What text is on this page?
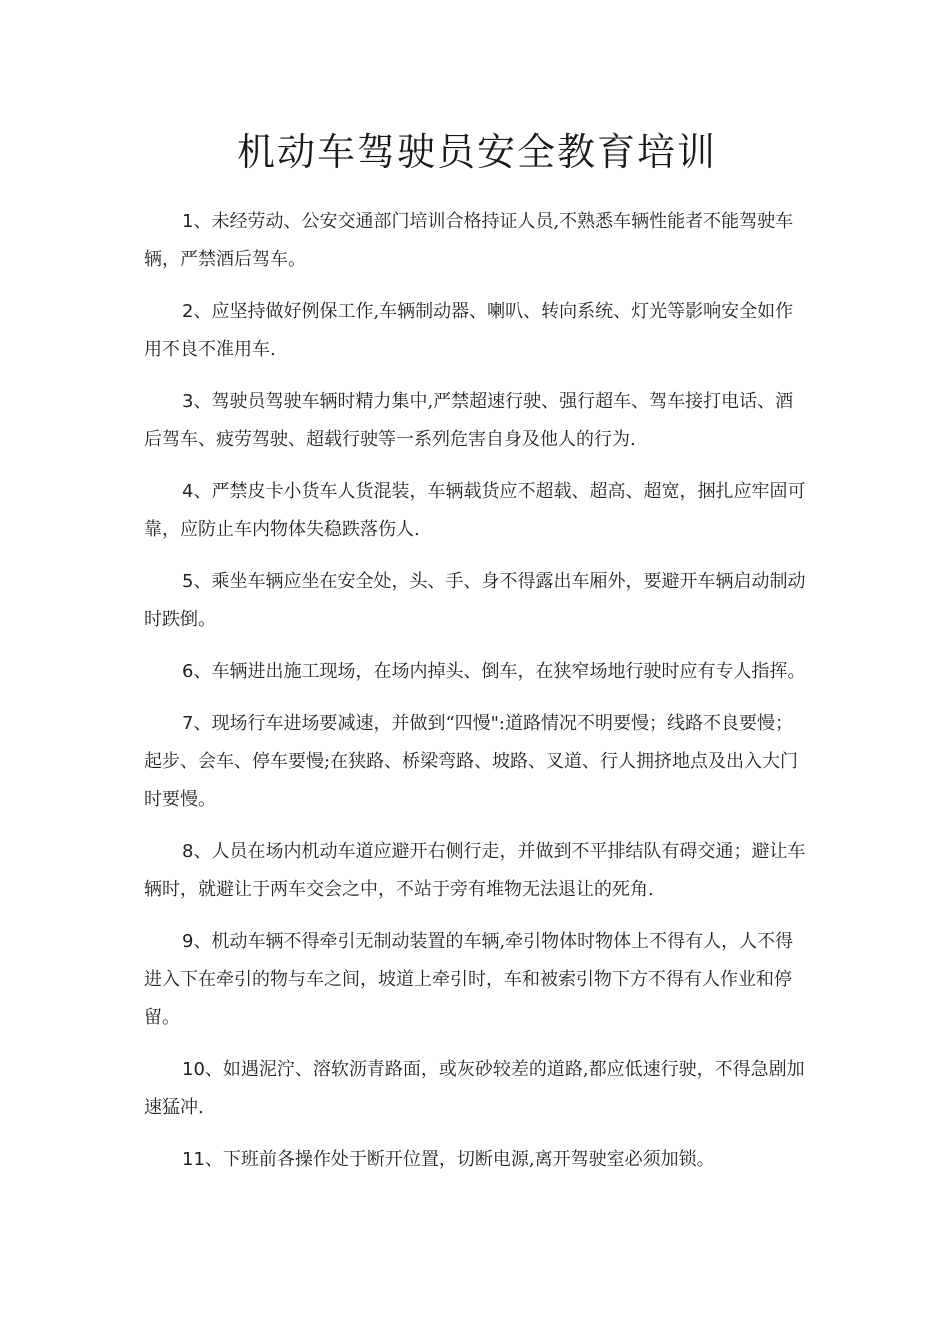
机动车驾驶员安全教育培训

1、未经劳动、公安交通部门培训合格持证人员,不熟悉车辆性能者不能驾驶车辆，严禁酒后驾车。

2、应坚持做好例保工作,车辆制动器、喇叭、转向系统、灯光等影响安全如作用不良不准用车.

3、驾驶员驾驶车辆时精力集中,严禁超速行驶、强行超车、驾车接打电话、酒后驾车、疲劳驾驶、超载行驶等一系列危害自身及他人的行为.

4、严禁皮卡小货车人货混装，车辆载货应不超载、超高、超宽，捆扎应牢固可靠，应防止车内物体失稳跌落伤人.

5、乘坐车辆应坐在安全处，头、手、身不得露出车厢外，要避开车辆启动制动时跌倒。

6、车辆进出施工现场，在场内掉头、倒车，在狭窄场地行驶时应有专人指挥。

7、现场行车进场要减速，并做到“四慢":道路情况不明要慢；线路不良要慢；起步、会车、停车要慢;在狭路、桥梁弯路、坡路、叉道、行人拥挤地点及出入大门时要慢。

8、人员在场内机动车道应避开右侧行走，并做到不平排结队有碍交通；避让车辆时，就避让于两车交会之中，不站于旁有堆物无法退让的死角.

9、机动车辆不得牵引无制动装置的车辆,牵引物体时物体上不得有人，人不得进入下在牵引的物与车之间，坡道上牵引时，车和被索引物下方不得有人作业和停留。

10、如遇泥泞、溶软沥青路面，或灰砂较差的道路,都应低速行驶，不得急剧加速猛冲.

11、下班前各操作处于断开位置，切断电源,离开驾驶室必须加锁。
